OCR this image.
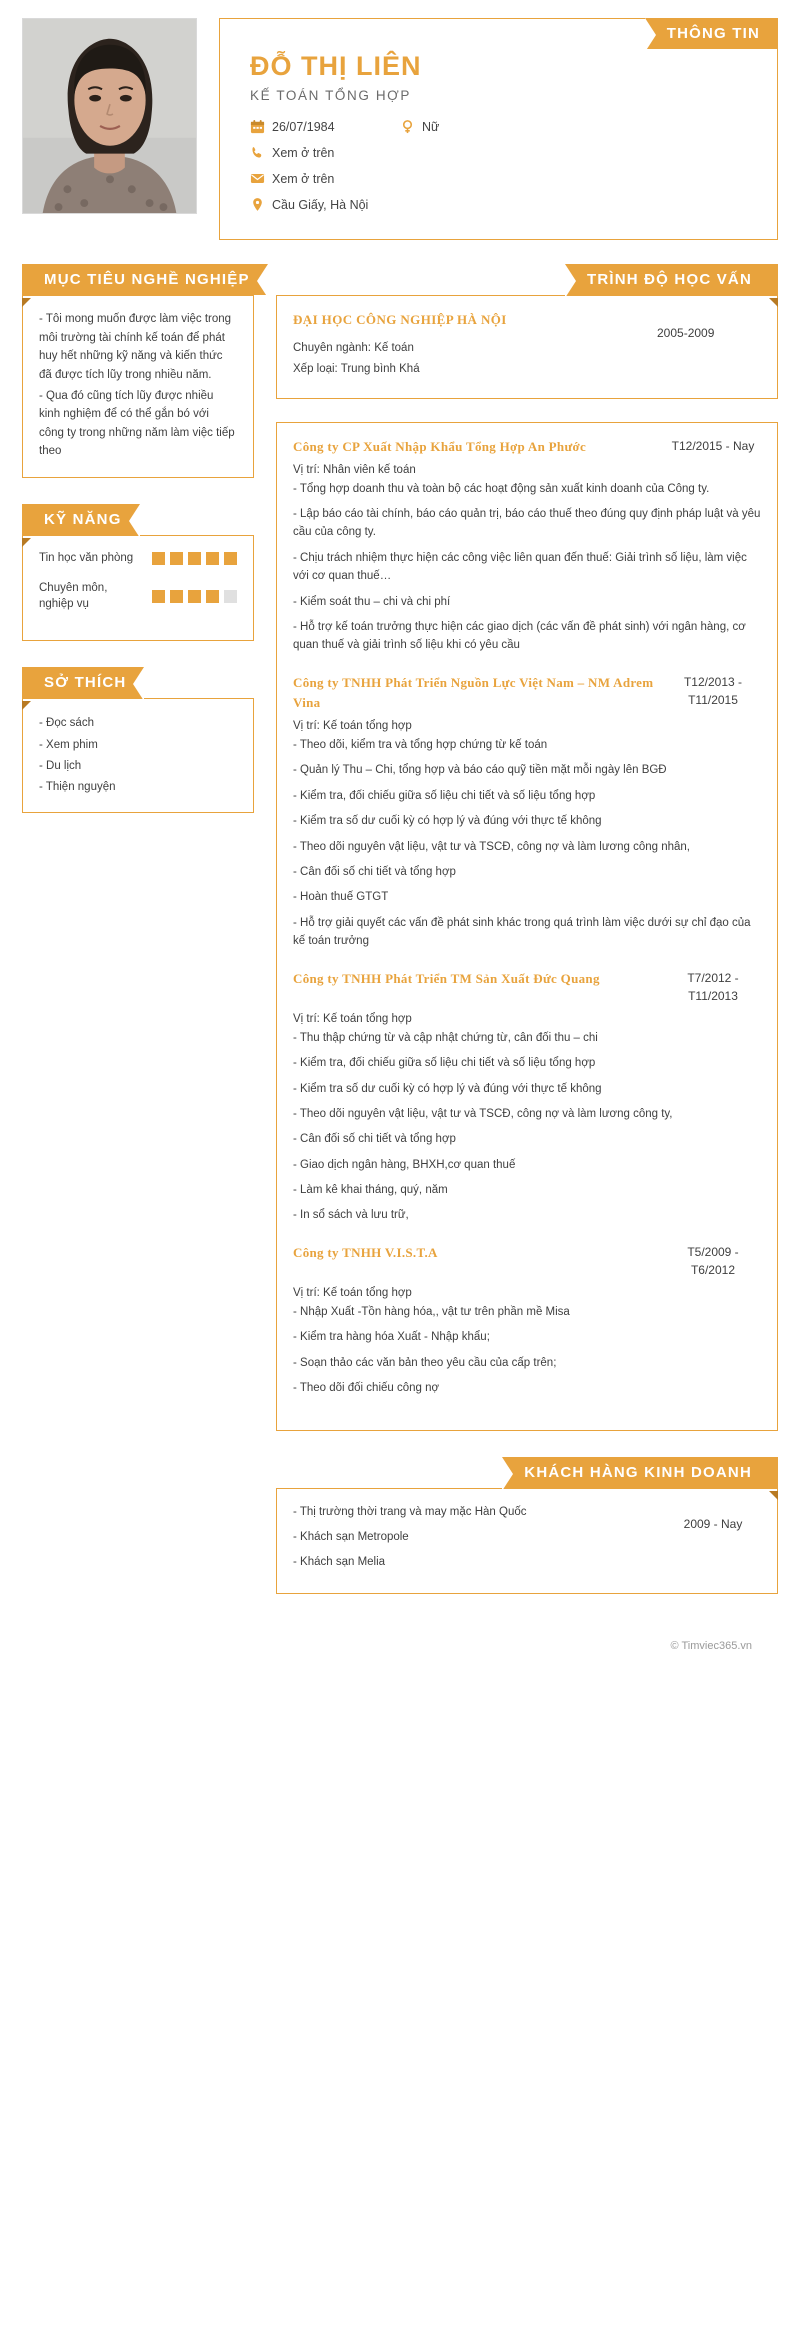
THÔNG TIN
ĐỖ THỊ LIÊN
KẾ TOÁN TỔNG HỢP
26/07/1984	Nữ
Xem ở trên
Xem ở trên
Cầu Giấy, Hà Nội
MỤC TIÊU NGHỀ NGHIỆP

- Tôi mong muốn được làm việc trong môi trường tài chính kế toán để phát huy hết những kỹ năng và kiến thức đã được tích lũy trong nhiều năm.

- Qua đó cũng tích lũy được nhiều kinh nghiệm để có thể gắn bó với công ty trong những năm làm việc tiếp theo

KỸ NĂNG
Tin học văn phòng
Chuyên môn, nghiệp vụ
SỞ THÍCH
- Đọc sách
- Xem phim
- Du lịch
- Thiện nguyện
TRÌNH ĐỘ HỌC VẤN
ĐẠI HỌC CÔNG NGHIỆP HÀ NỘI
Chuyên ngành: Kế toán
Xếp loại: Trung bình Khá
2005-2009
Công ty CP Xuất Nhập Khẩu Tổng Hợp An Phước	T12/2015 - Nay
Vị trí: Nhân viên kế toán

- Tổng hợp doanh thu và toàn bộ các hoạt động sản xuất kinh doanh của Công ty.

- Lập báo cáo tài chính, báo cáo quản trị, báo cáo thuế theo đúng quy định pháp luật và yêu cầu của công ty.

- Chịu trách nhiệm thực hiện các công việc liên quan đến thuế: Giải trình số liệu, làm việc với cơ quan thuế…

- Kiểm soát thu – chi và chi phí

- Hỗ trợ kế toán trưởng thực hiện các giao dịch (các vấn đề phát sinh) với ngân hàng, cơ quan thuế và giải trình số liệu khi có yêu cầu

Công ty TNHH Phát Triển Nguồn Lực Việt Nam – NM Adrem Vina
T12/2013 - T11/2015
Vị trí: Kế toán tổng hợp

- Theo dõi, kiểm tra và tổng hợp chứng từ kế toán

- Quản lý Thu – Chi, tổng hợp và báo cáo quỹ tiền mặt mỗi ngày lên BGĐ

- Kiểm tra, đối chiếu giữa số liệu chi tiết và số liệu tổng hợp

- Kiểm tra số dư cuối kỳ có hợp lý và đúng với thực tế không

- Theo dõi nguyên vật liệu, vật tư và TSCĐ, công nợ và làm lương công nhân,

- Cân đối số chi tiết và tổng hợp

- Hoàn thuế GTGT

- Hỗ trợ giải quyết các vấn đề phát sinh khác trong quá trình làm việc dưới sự chỉ đạo của kế toán trưởng

Công ty TNHH Phát Triển TM Sản Xuất Đức Quang	T7/2012 - T11/2013
Vị trí: Kế toán tổng hợp

- Thu thập chứng từ và cập nhật chứng từ, cân đối thu – chi

- Kiểm tra, đối chiếu giữa số liệu chi tiết và số liệu tổng hợp

- Kiểm tra số dư cuối kỳ có hợp lý và đúng với thực tế không

- Theo dõi nguyên vật liệu, vật tư và TSCĐ, công nợ và làm lương công ty,

- Cân đối số chi tiết và tổng hợp

- Giao dịch ngân hàng, BHXH,cơ quan thuế

- Làm kê khai tháng, quý, năm

- In sổ sách và lưu trữ,

Công ty TNHH V.I.S.T.A	T5/2009 - T6/2012
Vị trí: Kế toán tổng hợp

- Nhập Xuất -Tồn hàng hóa,, vật tư trên phần mề Misa

- Kiểm tra hàng hóa Xuất - Nhập khẩu;

- Soạn thảo các văn bản theo yêu cầu của cấp trên;

- Theo dõi đối chiếu công nợ

KHÁCH HÀNG KINH DOANH

- Thị trường thời trang và may mặc Hàn Quốc

- Khách sạn Metropole

- Khách sạn Melia

2009 - Nay
© Timviec365.vn
